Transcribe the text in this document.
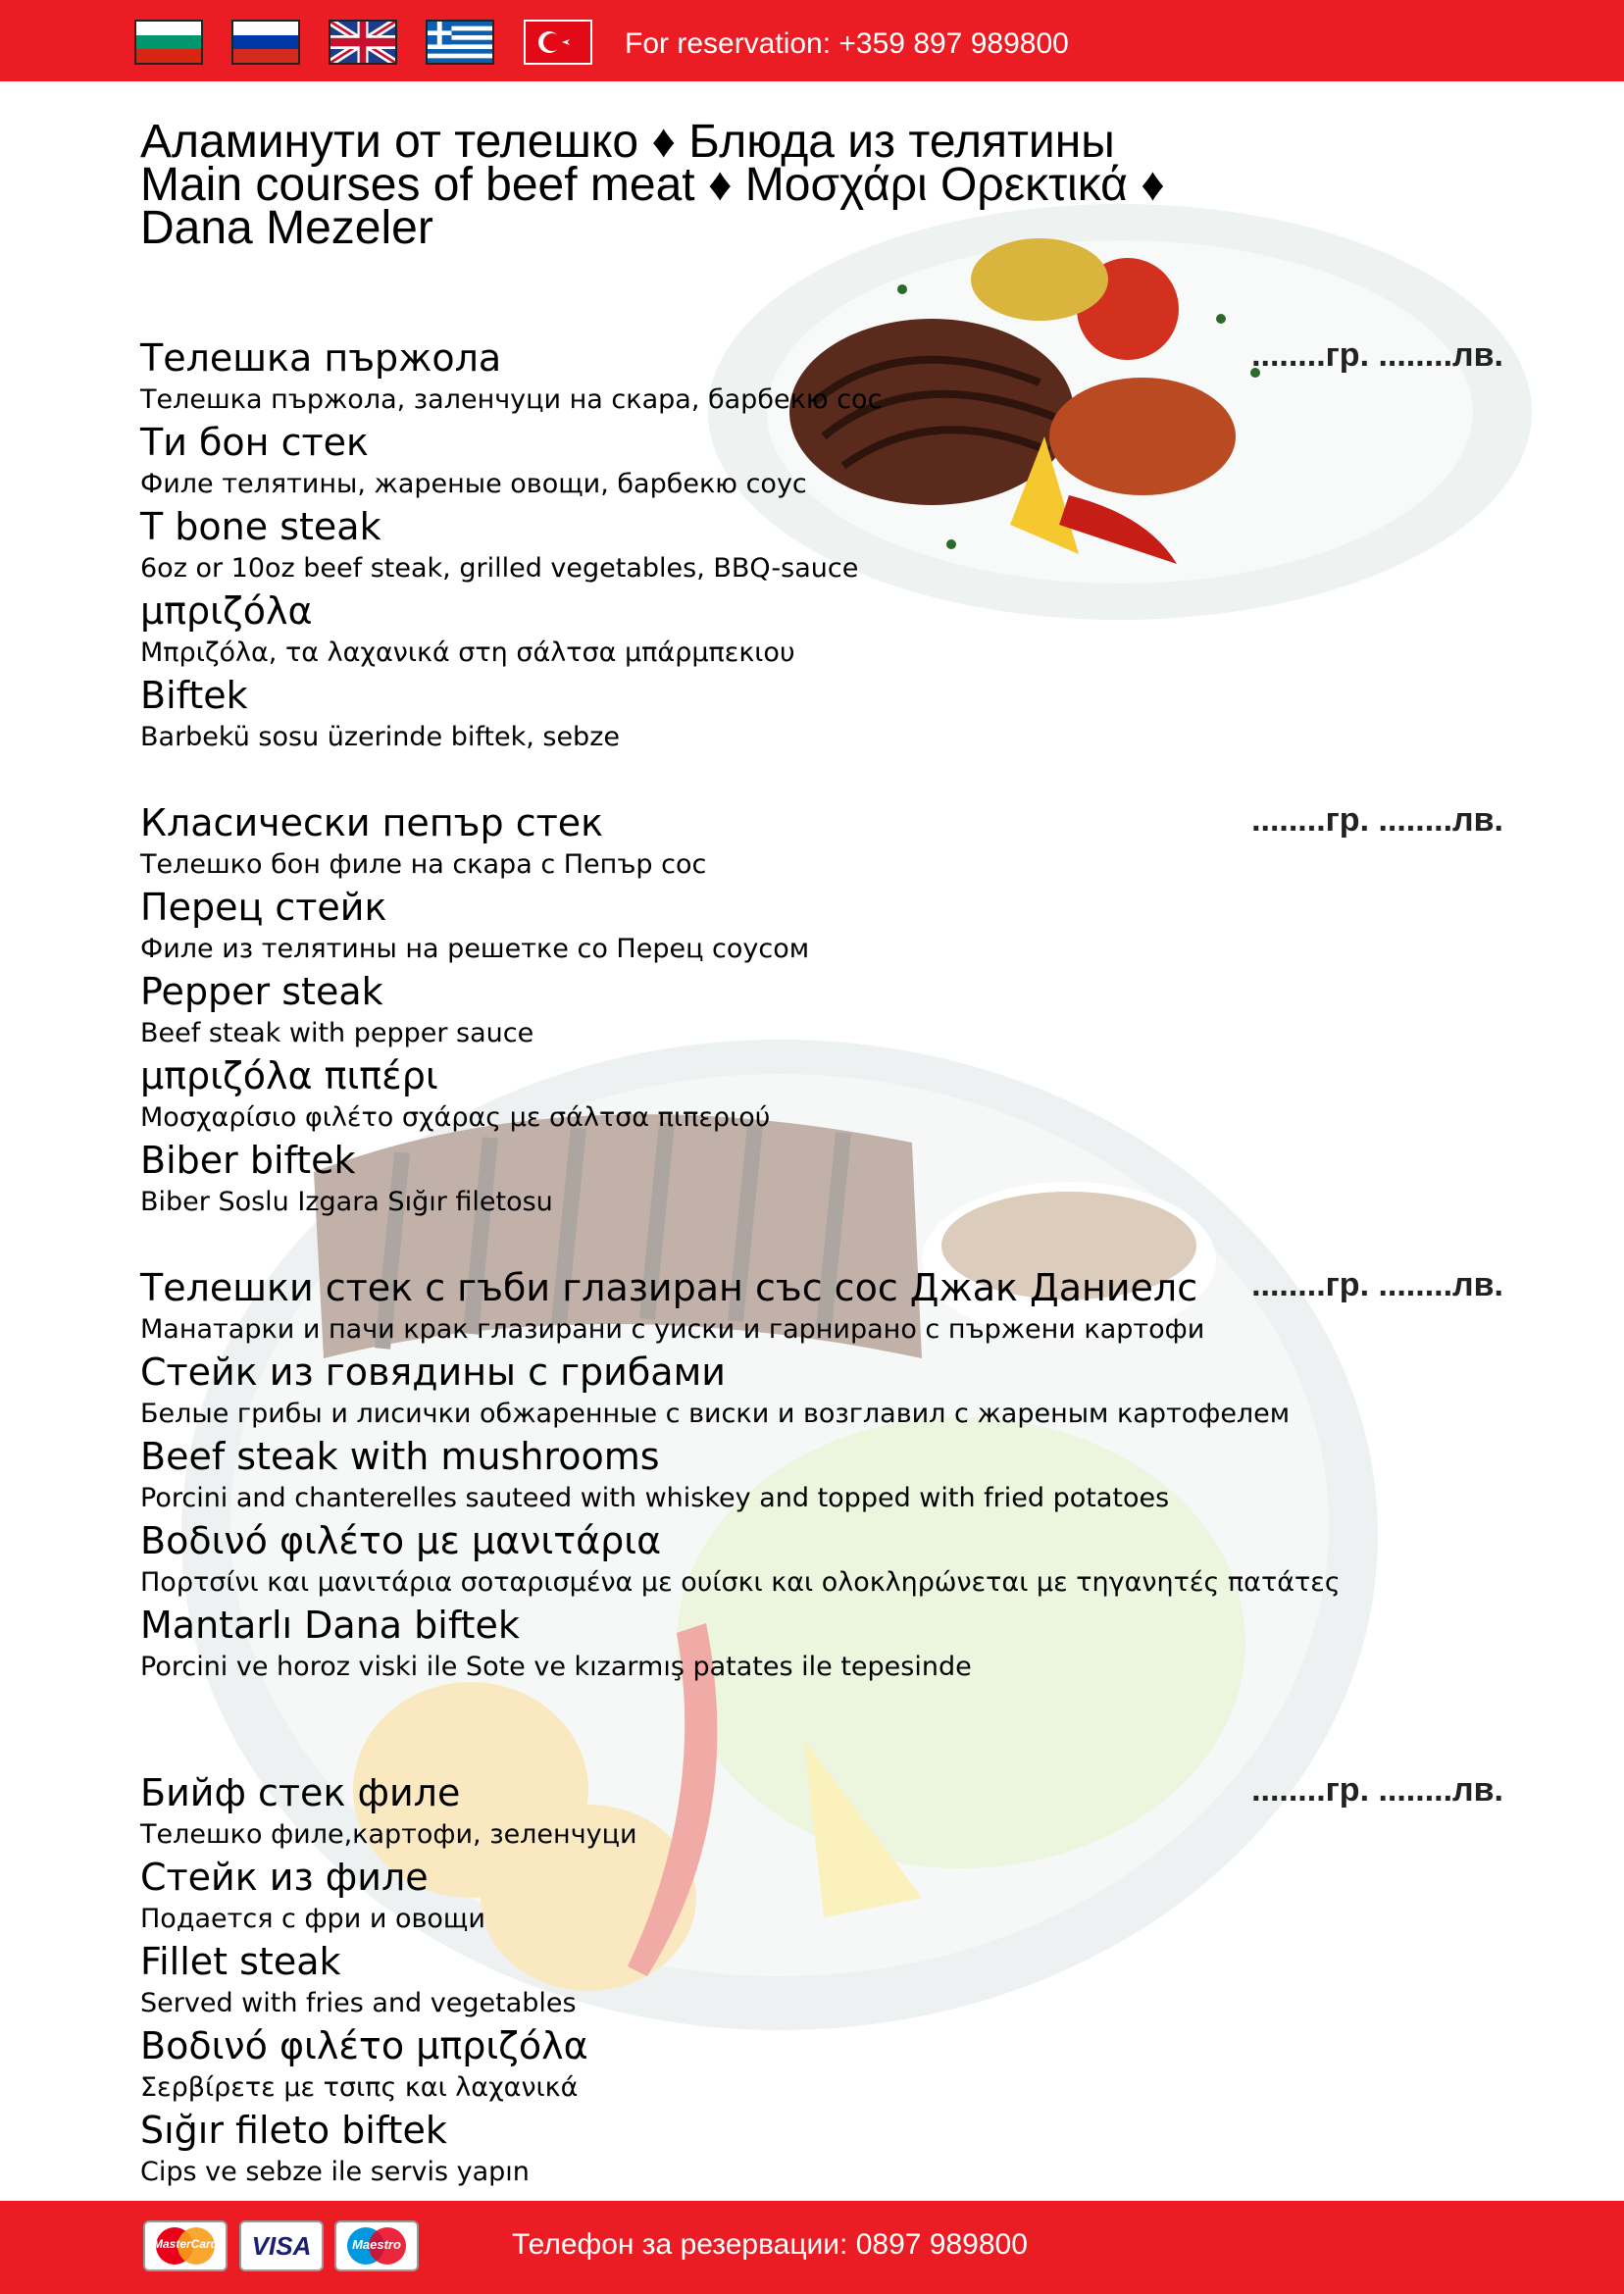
For reservation: +359 897 989800
Аламинути от телешко ♦ Блюда из телятины
Main courses of beef meat ♦ Μοσχάρι Ορεκτικά ♦
Dana Mezeler
........гр. ........лв.
Телешка пържола
Телешка пържола, заленчуци на скара, барбекю сос
Ти бон стек
Филе телятины, жареные овощи, барбекю соус
T bone steak
6oz or 10oz beef steak, grilled vegetables, BBQ-sauce
μπριζόλα
Μπριζόλα, τα λαχανικά στη σάλτσα μπάρμπεκιου
Biftek
Barbekü sosu üzerinde biftek, sebze
........гр. ........лв.
Класически пепър стек
Телешко бон филе на скара с Пепър сос
Перец стейк
Филе из телятины на решетке со Перец соусом
Pepper steak
Beef steak with pepper sauce
μπριζόλα πιπέρι
Μοσχαρίσιο φιλέτο σχάρας με σάλτσα πιπεριού
Biber biftek
Biber Soslu Izgara Sığır filetosu
........гр. ........лв.
Телешки стек с гъби глазиран със сос Джак Даниелс
Манатарки и пачи крак глазирани с уиски и гарнирано с пържени картофи
Стейк из говядины с грибами
Белые грибы и лисички обжаренные с виски и возглавил с жареным картофелем
Beef steak with mushrooms
Porcini and chanterelles sauteed with whiskey and topped with fried potatoes
Βοδινό φιλέτο με μανιτάρια
Πορτσίνι και μανιτάρια σοταρισμένα με ουίσκι και ολοκληρώνεται με τηγανητές πατάτες
Mantarlı Dana biftek
Porcini ve horoz viski ile Sote ve kızarmış patates ile tepesinde
........гр. ........лв.
Бийф стек филе
Телешко филе,картофи, зеленчуци
Стейк из филе
Подается с фри и овощи
Fillet steak
Served with fries and vegetables
Βοδινό φιλέτο μπριζόλα
Σερβίρετε με τσιπς και λαχανικά
Sığır fileto biftek
Cips ve sebze ile servis yapın
MasterCard	VISA	Maestro	Телефон за резервации: 0897 989800
